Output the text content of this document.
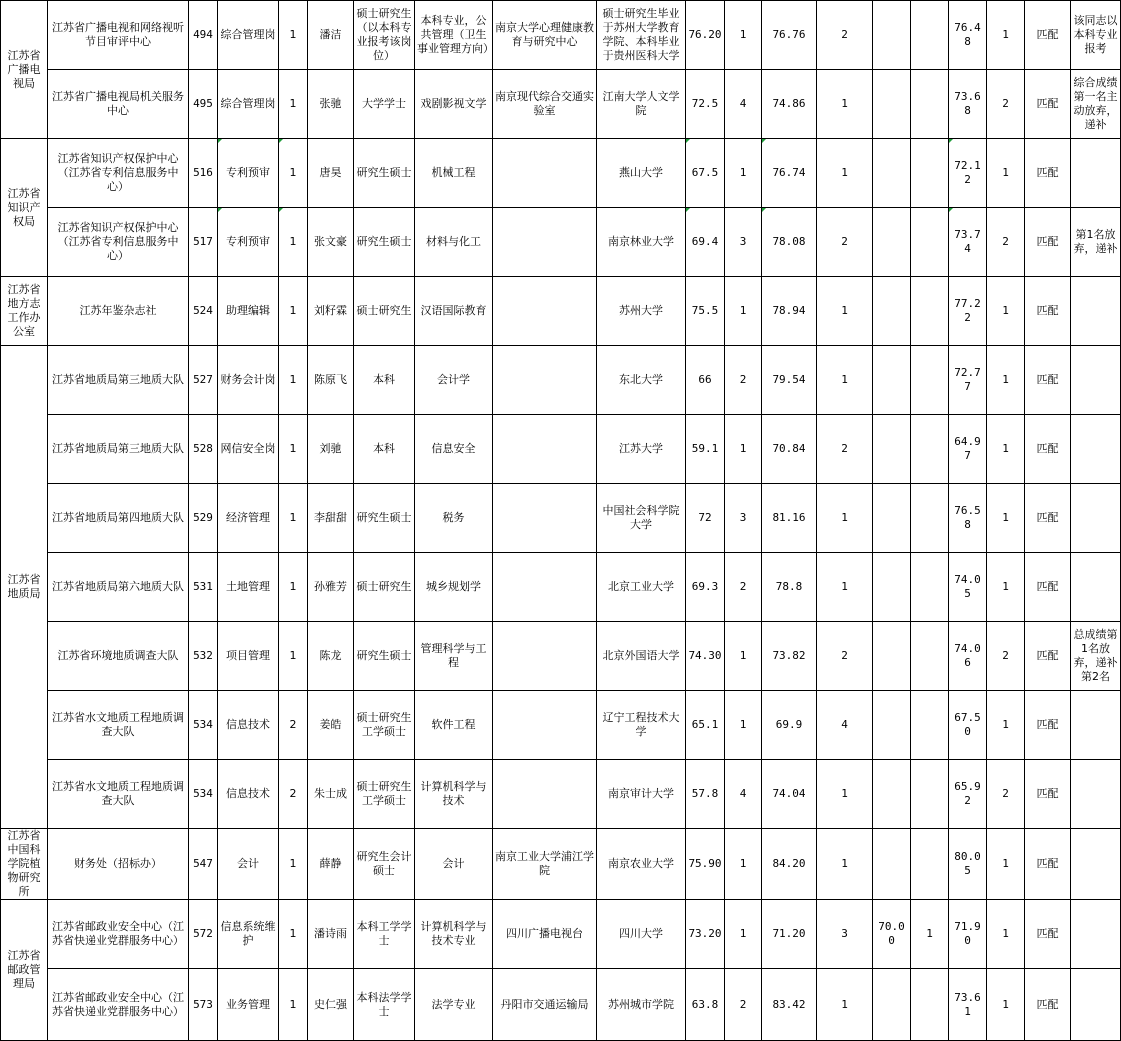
江苏省广播电视局	江苏省广播电视和网络视听节目审评中心	494	综合管理岗	1	潘洁	硕士研究生（以本科专业报考该岗位）	本科专业，公共管理（卫生事业管理方向）	南京大学心理健康教育与研究中心	硕士研究生毕业于苏州大学教育学院、本科毕业于贵州医科大学	76.20	1	76.76	2			76.48	1	匹配	该同志以本科专业报考
	江苏省广播电视局机关服务中心	495	综合管理岗	1	张驰	大学学士	戏剧影视文学	南京现代综合交通实验室	江南大学人文学院	72.5	4	74.86	1			73.68	2	匹配	综合成绩第一名主动放弃，递补
江苏省知识产权局	江苏省知识产权保护中心（江苏省专利信息服务中心）	516	专利预审	1	唐昊	研究生硕士	机械工程		燕山大学	67.5	1	76.74	1			72.12	1	匹配	
	江苏省知识产权保护中心（江苏省专利信息服务中心）	517	专利预审	1	张文豪	研究生硕士	材料与化工		南京林业大学	69.4	3	78.08	2			73.74	2	匹配	第1名放弃，递补
江苏省地方志工作办公室	江苏年鉴杂志社	524	助理编辑	1	刘籽霖	硕士研究生	汉语国际教育		苏州大学	75.5	1	78.94	1			77.22	1	匹配	
江苏省地质局	江苏省地质局第三地质大队	527	财务会计岗	1	陈原飞	本科	会计学		东北大学	66	2	79.54	1			72.77	1	匹配	
	江苏省地质局第三地质大队	528	网信安全岗	1	刘驰	本科	信息安全		江苏大学	59.1	1	70.84	2			64.97	1	匹配	
	江苏省地质局第四地质大队	529	经济管理	1	李甜甜	研究生硕士	税务		中国社会科学院大学	72	3	81.16	1			76.58	1	匹配	
	江苏省地质局第六地质大队	531	土地管理	1	孙雅芳	硕士研究生	城乡规划学		北京工业大学	69.3	2	78.8	1			74.05	1	匹配	
	江苏省环境地质调查大队	532	项目管理	1	陈龙	研究生硕士	管理科学与工程		北京外国语大学	74.30	1	73.82	2			74.06	2	匹配	总成绩第1名放弃，递补第2名
	江苏省水文地质工程地质调查大队	534	信息技术	2	姜皓	硕士研究生工学硕士	软件工程		辽宁工程技术大学	65.1	1	69.9	4			67.50	1	匹配	
	江苏省水文地质工程地质调查大队	534	信息技术	2	朱士成	硕士研究生工学硕士	计算机科学与技术		南京审计大学	57.8	4	74.04	1			65.92	2	匹配	
江苏省中国科学院植物研究所	财务处（招标办）	547	会计	1	薛静	研究生会计硕士	会计	南京工业大学浦江学院	南京农业大学	75.90	1	84.20	1			80.05	1	匹配	
江苏省邮政管理局	江苏省邮政业安全中心（江苏省快递业党群服务中心）	572	信息系统维护	1	潘诗雨	本科工学学士	计算机科学与技术专业	四川广播电视台	四川大学	73.20	1	71.20	3	70.00	1	71.90	1	匹配	
	江苏省邮政业安全中心（江苏省快递业党群服务中心）	573	业务管理	1	史仁强	本科法学学士	法学专业	丹阳市交通运输局	苏州城市学院	63.8	2	83.42	1			73.61	1	匹配	
